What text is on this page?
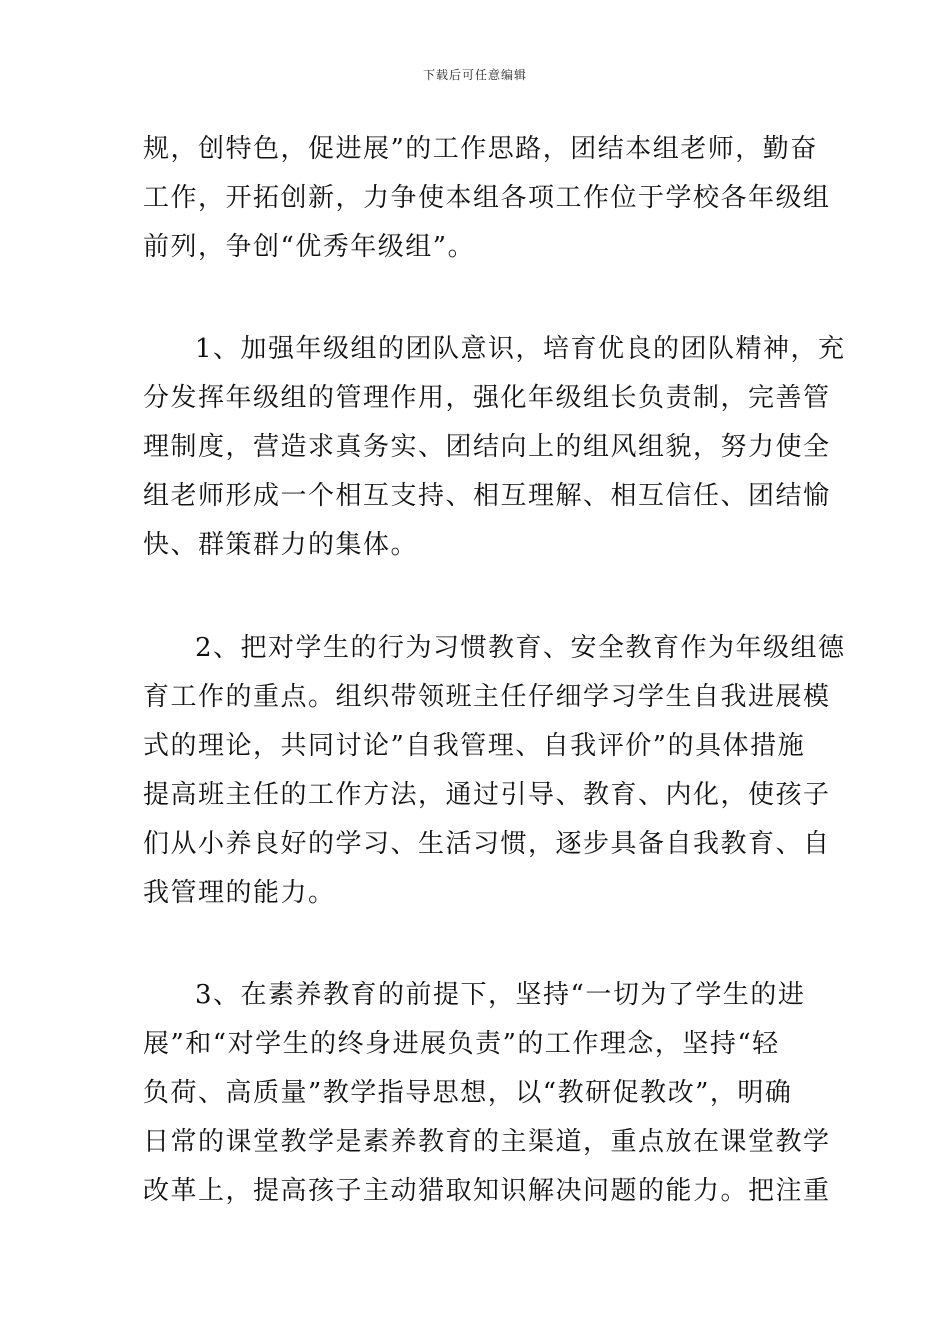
下载后可任意编辑
规，创特色，促进展”的工作思路，团结本组老师，勤奋
工作，开拓创新，力争使本组各项工作位于学校各年级组
前列，争创“优秀年级组”。
1、加强年级组的团队意识，培育优良的团队精神，充
分发挥年级组的管理作用，强化年级组长负责制，完善管
理制度，营造求真务实、团结向上的组风组貌，努力使全
组老师形成一个相互支持、相互理解、相互信任、团结愉
快、群策群力的集体。
2、把对学生的行为习惯教育、安全教育作为年级组德
育工作的重点。组织带领班主任仔细学习学生自我进展模
式的理论，共同讨论”自我管理、自我评价”的具体措施
提高班主任的工作方法，通过引导、教育、内化，使孩子
们从小养良好的学习、生活习惯，逐步具备自我教育、自
我管理的能力。
3、在素养教育的前提下，坚持“一切为了学生的进
展”和“对学生的终身进展负责”的工作理念，坚持“轻
负荷、高质量”教学指导思想，以“教研促教改”，明确
日常的课堂教学是素养教育的主渠道，重点放在课堂教学
改革上，提高孩子主动猎取知识解决问题的能力。把注重
